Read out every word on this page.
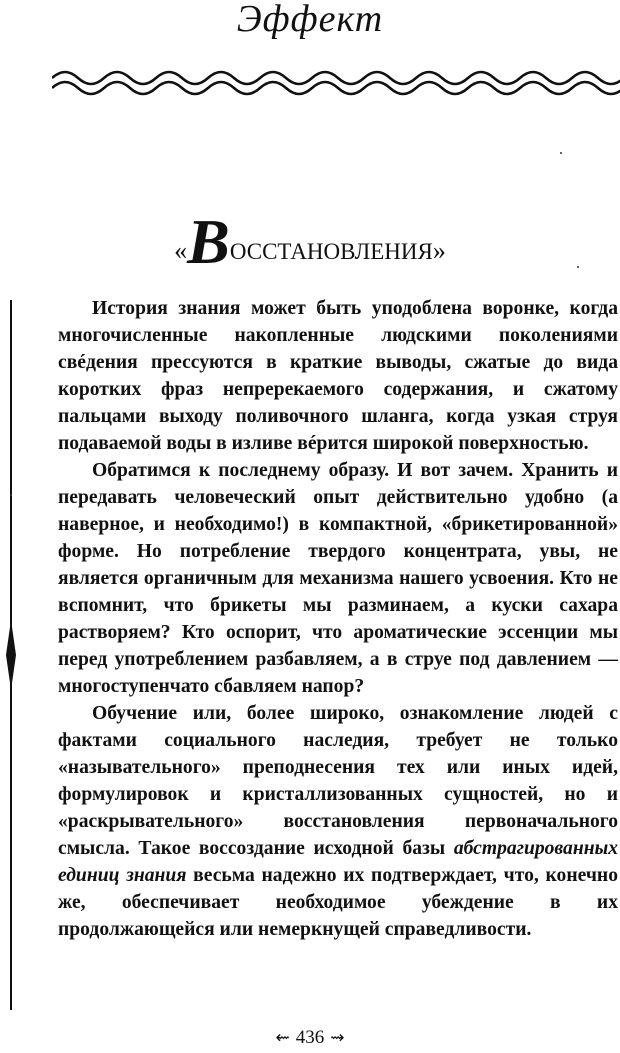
Эффект
«Восстановления»

История знания может быть уподоблена воронке, когда многочисленные накопленные людскими поколениями свéдения прессуются в краткие выводы, сжатые до вида коротких фраз непререкаемого содержания, и сжатому пальцами выходу поливочного шланга, когда узкая струя подаваемой воды в изливе вéрится широкой поверхностью.

Обратимся к последнему образу. И вот зачем. Хранить и передавать человеческий опыт действительно удобно (а наверное, и необходимо!) в компактной, «брикетированной» форме. Но потребление твердого концентрата, увы, не является органичным для механизма нашего усвоения. Кто не вспомнит, что брикеты мы разминаем, а куски сахара растворяем? Кто оспорит, что ароматические эссенции мы перед употреблением разбавляем, а в струе под давлением — многоступенчато сбавляем напор?

Обучение или, более широко, ознакомление людей с фактами социального наследия, требует не только «назывательного» преподнесения тех или иных идей, формулировок и кристаллизованных сущностей, но и «раскрывательного» восстановления первоначального смысла. Такое воссоздание исходной базы абстрагированных единиц знания весьма надежно их подтверждает, что, конечно же, обеспечивает необходимое убеждение в их продолжающейся или немеркнущей справедливости.

⇜ 436 ⇝
